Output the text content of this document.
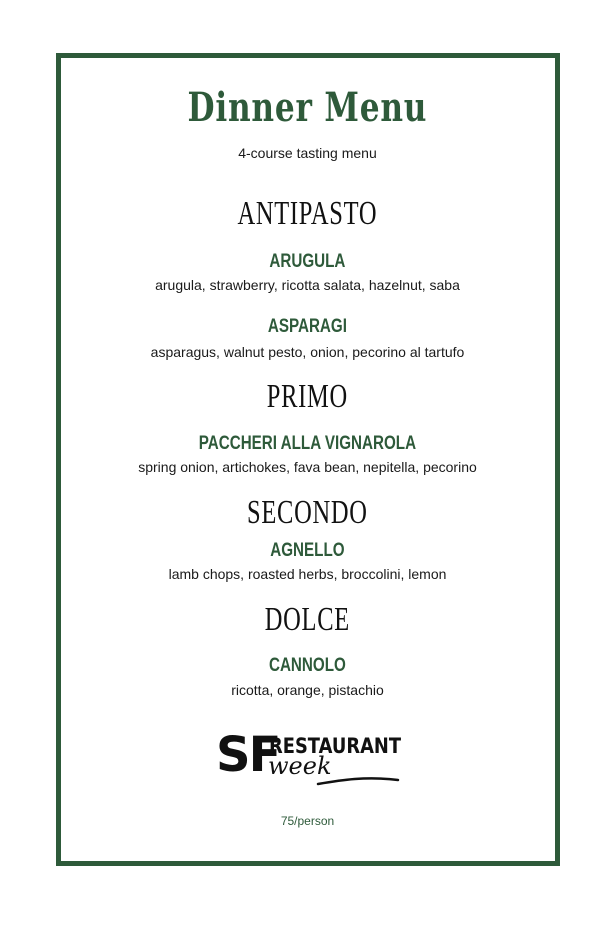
Dinner Menu
4-course tasting menu
ANTIPASTO
ARUGULA
arugula, strawberry, ricotta salata, hazelnut, saba
ASPARAGI
asparagus, walnut pesto, onion, pecorino al tartufo
PRIMO
PACCHERI ALLA VIGNAROLA
spring onion, artichokes, fava bean, nepitella, pecorino
SECONDO
AGNELLO
lamb chops, roasted herbs, broccolini, lemon
DOLCE
CANNOLO
ricotta, orange, pistachio
SF
RESTAURANT
week
75/person
